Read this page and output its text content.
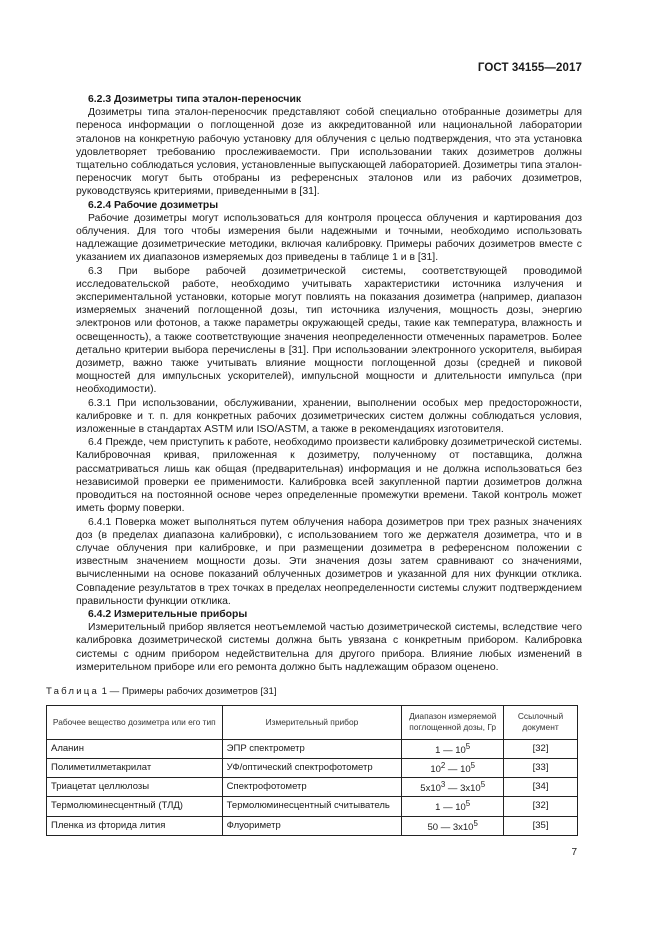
ГОСТ 34155—2017
6.2.3 Дозиметры типа эталон-переносчик

Дозиметры типа эталон-переносчик представляют собой специально отобранные дозиметры для переноса информации о поглощенной дозе из аккредитованной или национальной лаборатории эталонов на конкретную рабочую установку для облучения с целью подтверждения, что эта установка удовлетворяет требованию прослеживаемости. При использовании таких дозиметров должны тщательно соблюдаться условия, установленные выпускающей лабораторией. Дозиметры типа эталон-переносчик могут быть отобраны из референсных эталонов или из рабочих дозиметров, руководствуясь критериями, приведенными в [31].

6.2.4 Рабочие дозиметры

Рабочие дозиметры могут использоваться для контроля процесса облучения и картирования доз облучения. Для того чтобы измерения были надежными и точными, необходимо использовать надлежащие дозиметрические методики, включая калибровку. Примеры рабочих дозиметров вместе с указанием их диапазонов измеряемых доз приведены в таблице 1 и в [31].

6.3 При выборе рабочей дозиметрической системы, соответствующей проводимой исследовательской работе, необходимо учитывать характеристики источника излучения и экспериментальной установки, которые могут повлиять на показания дозиметра (например, диапазон измеряемых значений поглощенной дозы, тип источника излучения, мощность дозы, энергию электронов или фотонов, а также параметры окружающей среды, такие как температура, влажность и освещенность), а также соответствующие значения неопределенности отмеченных параметров. Более детально критерии выбора перечислены в [31]. При использовании электронного ускорителя, выбирая дозиметр, важно также учитывать влияние мощности поглощенной дозы (средней и пиковой мощностей для импульсных ускорителей), импульсной мощности и длительности импульса (при необходимости).

6.3.1 При использовании, обслуживании, хранении, выполнении особых мер предосторожности, калибровке и т. п. для конкретных рабочих дозиметрических систем должны соблюдаться условия, изложенные в стандартах ASTM или ISO/ASTM, а также в рекомендациях изготовителя.

6.4 Прежде, чем приступить к работе, необходимо произвести калибровку дозиметрической системы. Калибровочная кривая, приложенная к дозиметру, полученному от поставщика, должна рассматриваться лишь как общая (предварительная) информация и не должна использоваться без независимой проверки ее применимости. Калибровка всей закупленной партии дозиметров должна проводиться на постоянной основе через определенные промежутки времени. Такой контроль может иметь форму поверки.

6.4.1 Поверка может выполняться путем облучения набора дозиметров при трех разных значениях доз (в пределах диапазона калибровки), с использованием того же держателя дозиметра, что и в случае облучения при калибровке, и при размещении дозиметра в референсном положении с известным значением мощности дозы. Эти значения дозы затем сравнивают со значениями, вычисленными на основе показаний облученных дозиметров и указанной для них функции отклика. Совпадение результатов в трех точках в пределах неопределенности системы служит подтверждением правильности функции отклика.

6.4.2 Измерительные приборы

Измерительный прибор является неотъемлемой частью дозиметрической системы, вследствие чего калибровка дозиметрической системы должна быть увязана с конкретным прибором. Калибровка системы с одним прибором недействительна для другого прибора. Влияние любых изменений в измерительном приборе или его ремонта должно быть надлежащим образом оценено.

Таблица 1 — Примеры рабочих дозиметров [31]
Рабочее вещество дозиметра или его тип	Измерительный прибор	Диапазон измеряемой поглощенной дозы, Гр	Ссылочный документ
Аланин	ЭПР спектрометр	1 — $10^5$	[32]
Полиметилметакрилат	УФ/оптический спектрофотометр	$10^2$ — $10^5$	[33]
Триацетат целлюлозы	Спектрофотометр	$5x10^3$ — $3x10^5$	[34]
Термолюминесцентный (ТЛД)	Термолюминесцентный считыватель	1 — $10^5$	[32]
Пленка из фторида лития	Флуориметр	50 — $3x10^5$	[35]
7
